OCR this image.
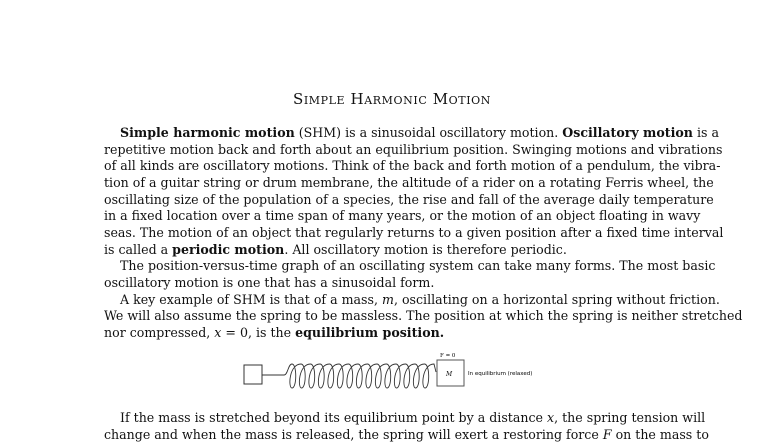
Simple Harmonic Motion
Simple harmonic motion (SHM) is a sinusoidal oscillatory motion. Oscillatory motion is a
repetitive motion back and forth about an equilibrium position. Swinging motions and vibrations
of all kinds are oscillatory motions. Think of the back and forth motion of a pendulum, the vibra-
tion of a guitar string or drum membrane, the altitude of a rider on a rotating Ferris wheel, the
oscillating size of the population of a species, the rise and fall of the average daily temperature
in a fixed location over a time span of many years, or the motion of an object floating in wavy
seas. The motion of an object that regularly returns to a given position after a fixed time interval
is called a periodic motion. All oscillatory motion is therefore periodic.
The position-versus-time graph of an oscillating system can take many forms. The most basic
oscillatory motion is one that has a sinusoidal form.
A key example of SHM is that of a mass, m, oscillating on a horizontal spring without friction.
We will also assume the spring to be massless. The position at which the spring is neither stretched
nor compressed, x = 0, is the equilibrium position.
If the mass is stretched beyond its equilibrium point by a distance x, the spring tension will
change and when the mass is released, the spring will exert a restoring force F on the mass to
M
F = 0
In equilibrium (relaxed)
